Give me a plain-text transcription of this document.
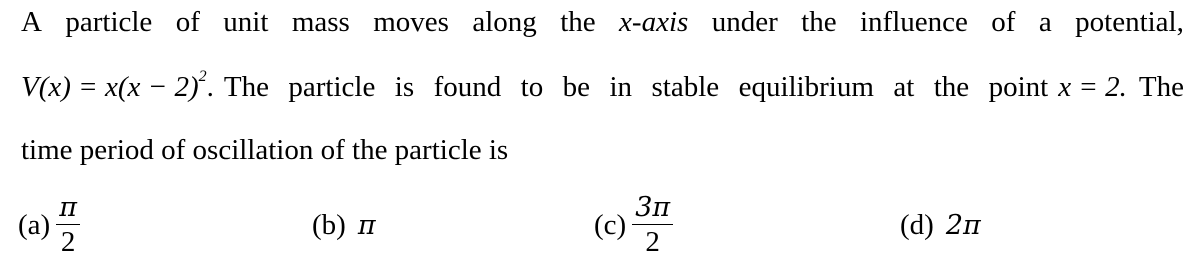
A particle of unit mass moves along the x-axis under the influence of a potential,
$V(x) = x(x - 2)^2$. The particle is found to be in stable equilibrium at the point x = 2. The
time period of oscillation of the particle is
$(a) \frac{\pi}{2}$	(b) π	$(c) \frac{3\pi}{2}$	(d) 2π
